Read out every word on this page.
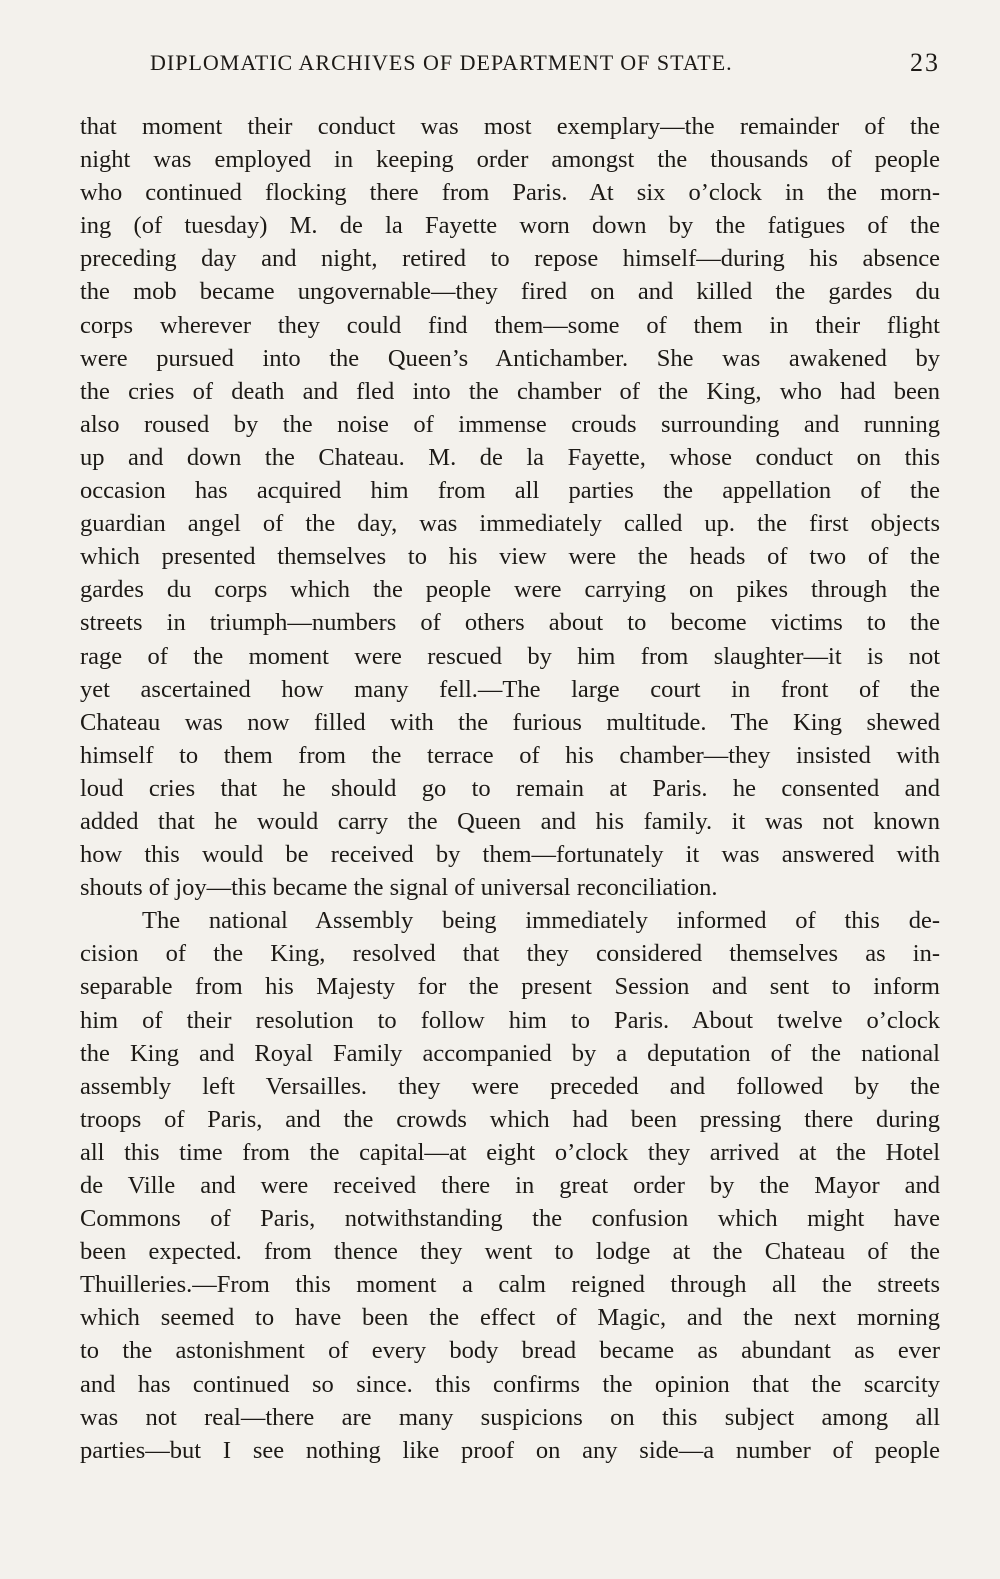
DIPLOMATIC ARCHIVES OF DEPARTMENT OF STATE.	23
that moment their conduct was most exemplary—the remainder of the
night was employed in keeping order amongst the thousands of people
who continued flocking there from Paris. At six o’clock in the morn-
ing (of tuesday) M. de la Fayette worn down by the fatigues of the
preceding day and night, retired to repose himself—during his absence
the mob became ungovernable—they fired on and killed the gardes du
corps wherever they could find them—some of them in their flight
were pursued into the Queen’s Antichamber. She was awakened by
the cries of death and fled into the chamber of the King, who had been
also roused by the noise of immense crouds surrounding and running
up and down the Chateau. M. de la Fayette, whose conduct on this
occasion has acquired him from all parties the appellation of the
guardian angel of the day, was immediately called up. the first objects
which presented themselves to his view were the heads of two of the
gardes du corps which the people were carrying on pikes through the
streets in triumph—numbers of others about to become victims to the
rage of the moment were rescued by him from slaughter—it is not
yet ascertained how many fell.—The large court in front of the
Chateau was now filled with the furious multitude. The King shewed
himself to them from the terrace of his chamber—they insisted with
loud cries that he should go to remain at Paris. he consented and
added that he would carry the Queen and his family. it was not known
how this would be received by them—fortunately it was answered with
shouts of joy—this became the signal of universal reconciliation.
The national Assembly being immediately informed of this de-
cision of the King, resolved that they considered themselves as in-
separable from his Majesty for the present Session and sent to inform
him of their resolution to follow him to Paris. About twelve o’clock
the King and Royal Family accompanied by a deputation of the national
assembly left Versailles. they were preceded and followed by the
troops of Paris, and the crowds which had been pressing there during
all this time from the capital—at eight o’clock they arrived at the Hotel
de Ville and were received there in great order by the Mayor and
Commons of Paris, notwithstanding the confusion which might have
been expected. from thence they went to lodge at the Chateau of the
Thuilleries.—From this moment a calm reigned through all the streets
which seemed to have been the effect of Magic, and the next morning
to the astonishment of every body bread became as abundant as ever
and has continued so since. this confirms the opinion that the scarcity
was not real—there are many suspicions on this subject among all
parties—but I see nothing like proof on any side—a number of people
